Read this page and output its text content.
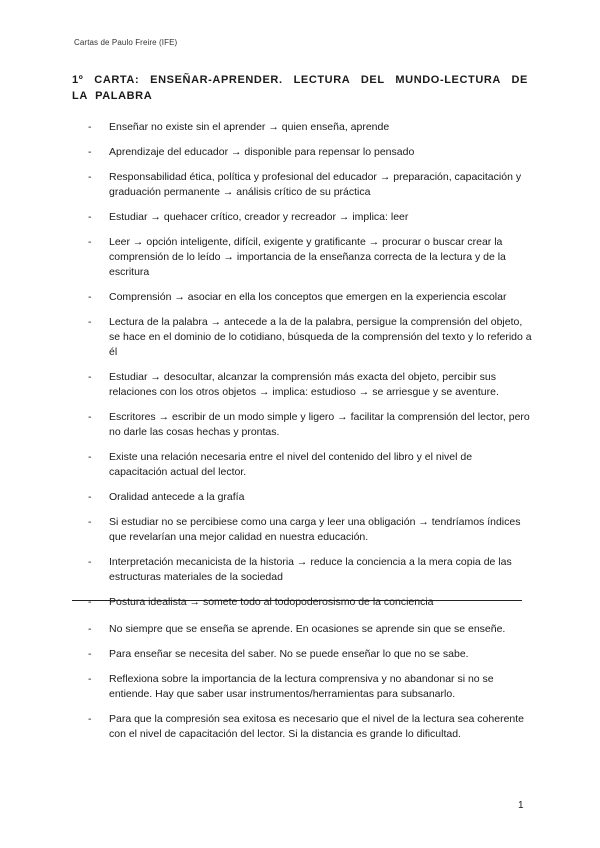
Cartas de Paulo Freire (IFE)
1º CARTA: ENSEÑAR-APRENDER. LECTURA DEL MUNDO-LECTURA DE LA PALABRA
-	Enseñar no existe sin el aprender → quien enseña, aprende
-	Aprendizaje del educador → disponible para repensar lo pensado
-	Responsabilidad ética, política y profesional del educador → preparación, capacitación y graduación permanente → análisis crítico de su práctica
-	Estudiar → quehacer crítico, creador y recreador → implica: leer
-	Leer → opción inteligente, difícil, exigente y gratificante → procurar o buscar crear la comprensión de lo leído → importancia de la enseñanza correcta de la lectura y de la escritura
-	Comprensión → asociar en ella los conceptos que emergen en la experiencia escolar
-	Lectura de la palabra → antecede a la de la palabra, persigue la comprensión del objeto, se hace en el dominio de lo cotidiano, búsqueda de la comprensión del texto y lo referido a él
-	Estudiar → desocultar, alcanzar la comprensión más exacta del objeto, percibir sus relaciones con los otros objetos → implica: estudioso → se arriesgue y se aventure.
-	Escritores → escribir de un modo simple y ligero → facilitar la comprensión del lector, pero no darle las cosas hechas y prontas.
-	Existe una relación necesaria entre el nivel del contenido del libro y el nivel de capacitación actual del lector.
-	Oralidad antecede a la grafía
-	Si estudiar no se percibiese como una carga y leer una obligación → tendríamos índices que revelarían una mejor calidad en nuestra educación.
-	Interpretación mecanicista de la historia → reduce la conciencia a la mera copia de las estructuras materiales de la sociedad
-	Postura idealista → somete todo al todopoderosismo de la conciencia
-	No siempre que se enseña se aprende. En ocasiones se aprende sin que se enseñe.
-	Para enseñar se necesita del saber. No se puede enseñar lo que no se sabe.
-	Reflexiona sobre la importancia de la lectura comprensiva y no abandonar si no se entiende. Hay que saber usar instrumentos/herramientas para subsanarlo.
-	Para que la compresión sea exitosa es necesario que el nivel de la lectura sea coherente con el nivel de capacitación del lector. Si la distancia es grande lo dificultad.
1
